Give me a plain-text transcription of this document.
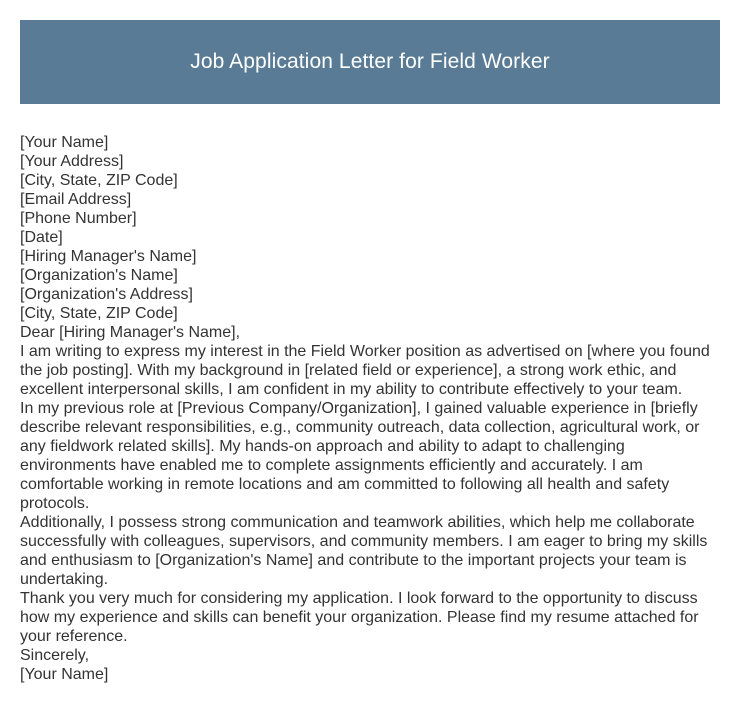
Job Application Letter for Field Worker

[Your Name]

[Your Address]

[City, State, ZIP Code]

[Email Address]

[Phone Number]

[Date]

[Hiring Manager's Name]

[Organization's Name]

[Organization's Address]

[City, State, ZIP Code]

Dear [Hiring Manager's Name],

I am writing to express my interest in the Field Worker position as advertised on [where you found the job posting]. With my background in [related field or experience], a strong work ethic, and excellent interpersonal skills, I am confident in my ability to contribute effectively to your team.

In my previous role at [Previous Company/Organization], I gained valuable experience in [briefly describe relevant responsibilities, e.g., community outreach, data collection, agricultural work, or any fieldwork related skills]. My hands-on approach and ability to adapt to challenging environments have enabled me to complete assignments efficiently and accurately. I am comfortable working in remote locations and am committed to following all health and safety protocols.

Additionally, I possess strong communication and teamwork abilities, which help me collaborate successfully with colleagues, supervisors, and community members. I am eager to bring my skills and enthusiasm to [Organization's Name] and contribute to the important projects your team is undertaking.

Thank you very much for considering my application. I look forward to the opportunity to discuss how my experience and skills can benefit your organization. Please find my resume attached for your reference.

Sincerely,

[Your Name]
